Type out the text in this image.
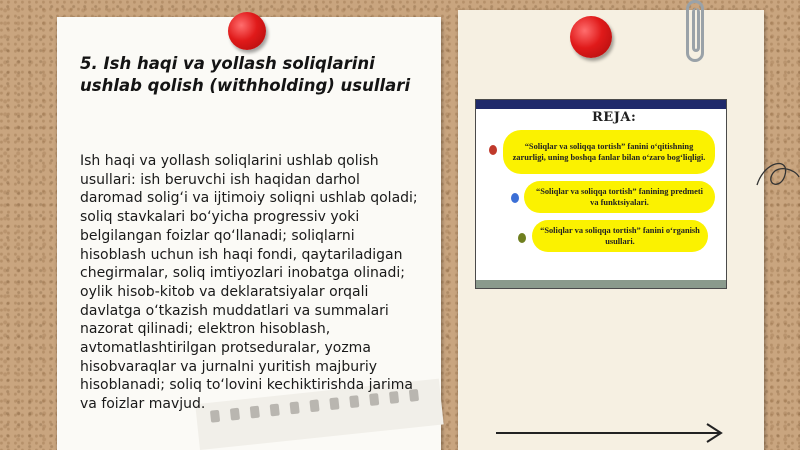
5. Ish haqi va yollash soliqlarini ushlab qolish (withholding) usullari

Ish haqi va yollash soliqlarini ushlab qolish usullari: ish beruvchi ish haqidan darhol daromad solig‘i va ijtimoiy soliqni ushlab qoladi; soliq stavkalari bo‘yicha progressiv yoki belgilangan foizlar qo‘llanadi; soliqlarni hisoblash uchun ish haqi fondi, qaytariladigan chegirmalar, soliq imtiyozlari inobatga olinadi; oylik hisob-kitob va deklaratsiyalar orqali davlatga o‘tkazish muddatlari va summalari nazorat qilinadi; elektron hisoblash, avtomatlashtirilgan protseduralar, yozma hisobvaraqlar va jurnalni yuritish majburiy hisoblanadi; soliq to‘lovini kechiktirishda jarima va foizlar mavjud.

REJA:
“Soliqlar va soliqqa tortish” fanini o‘qitishning zarurligi, uning boshqa fanlar bilan o‘zaro bog‘liqligi.
“Soliqlar va soliqqa tortish” fanining predmeti va funktsiyalari.
“Soliqlar va soliqqa tortish” fanini o‘rganish usullari.
